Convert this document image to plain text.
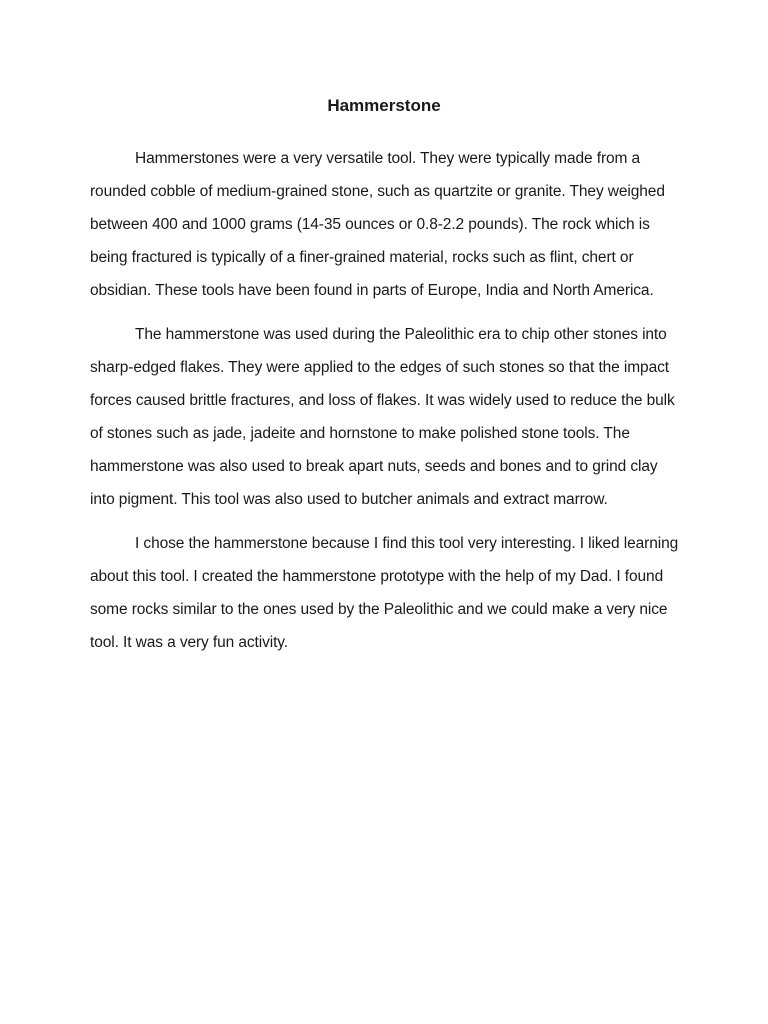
Hammerstone

Hammerstones were a very versatile tool. They were typically made from a rounded cobble of medium-grained stone, such as quartzite or granite. They weighed between 400 and 1000 grams (14-35 ounces or 0.8-2.2 pounds). The rock which is being fractured is typically of a finer-grained material, rocks such as flint, chert or obsidian. These tools have been found in parts of Europe, India and North America.

The hammerstone was used during the Paleolithic era to chip other stones into sharp-edged flakes. They were applied to the edges of such stones so that the impact forces caused brittle fractures, and loss of flakes. It was widely used to reduce the bulk of stones such as jade, jadeite and hornstone to make polished stone tools. The hammerstone was also used to break apart nuts, seeds and bones and to grind clay into pigment. This tool was also used to butcher animals and extract marrow.

I chose the hammerstone because I find this tool very interesting. I liked learning about this tool. I created the hammerstone prototype with the help of my Dad. I found some rocks similar to the ones used by the Paleolithic and we could make a very nice tool. It was a very fun activity.
